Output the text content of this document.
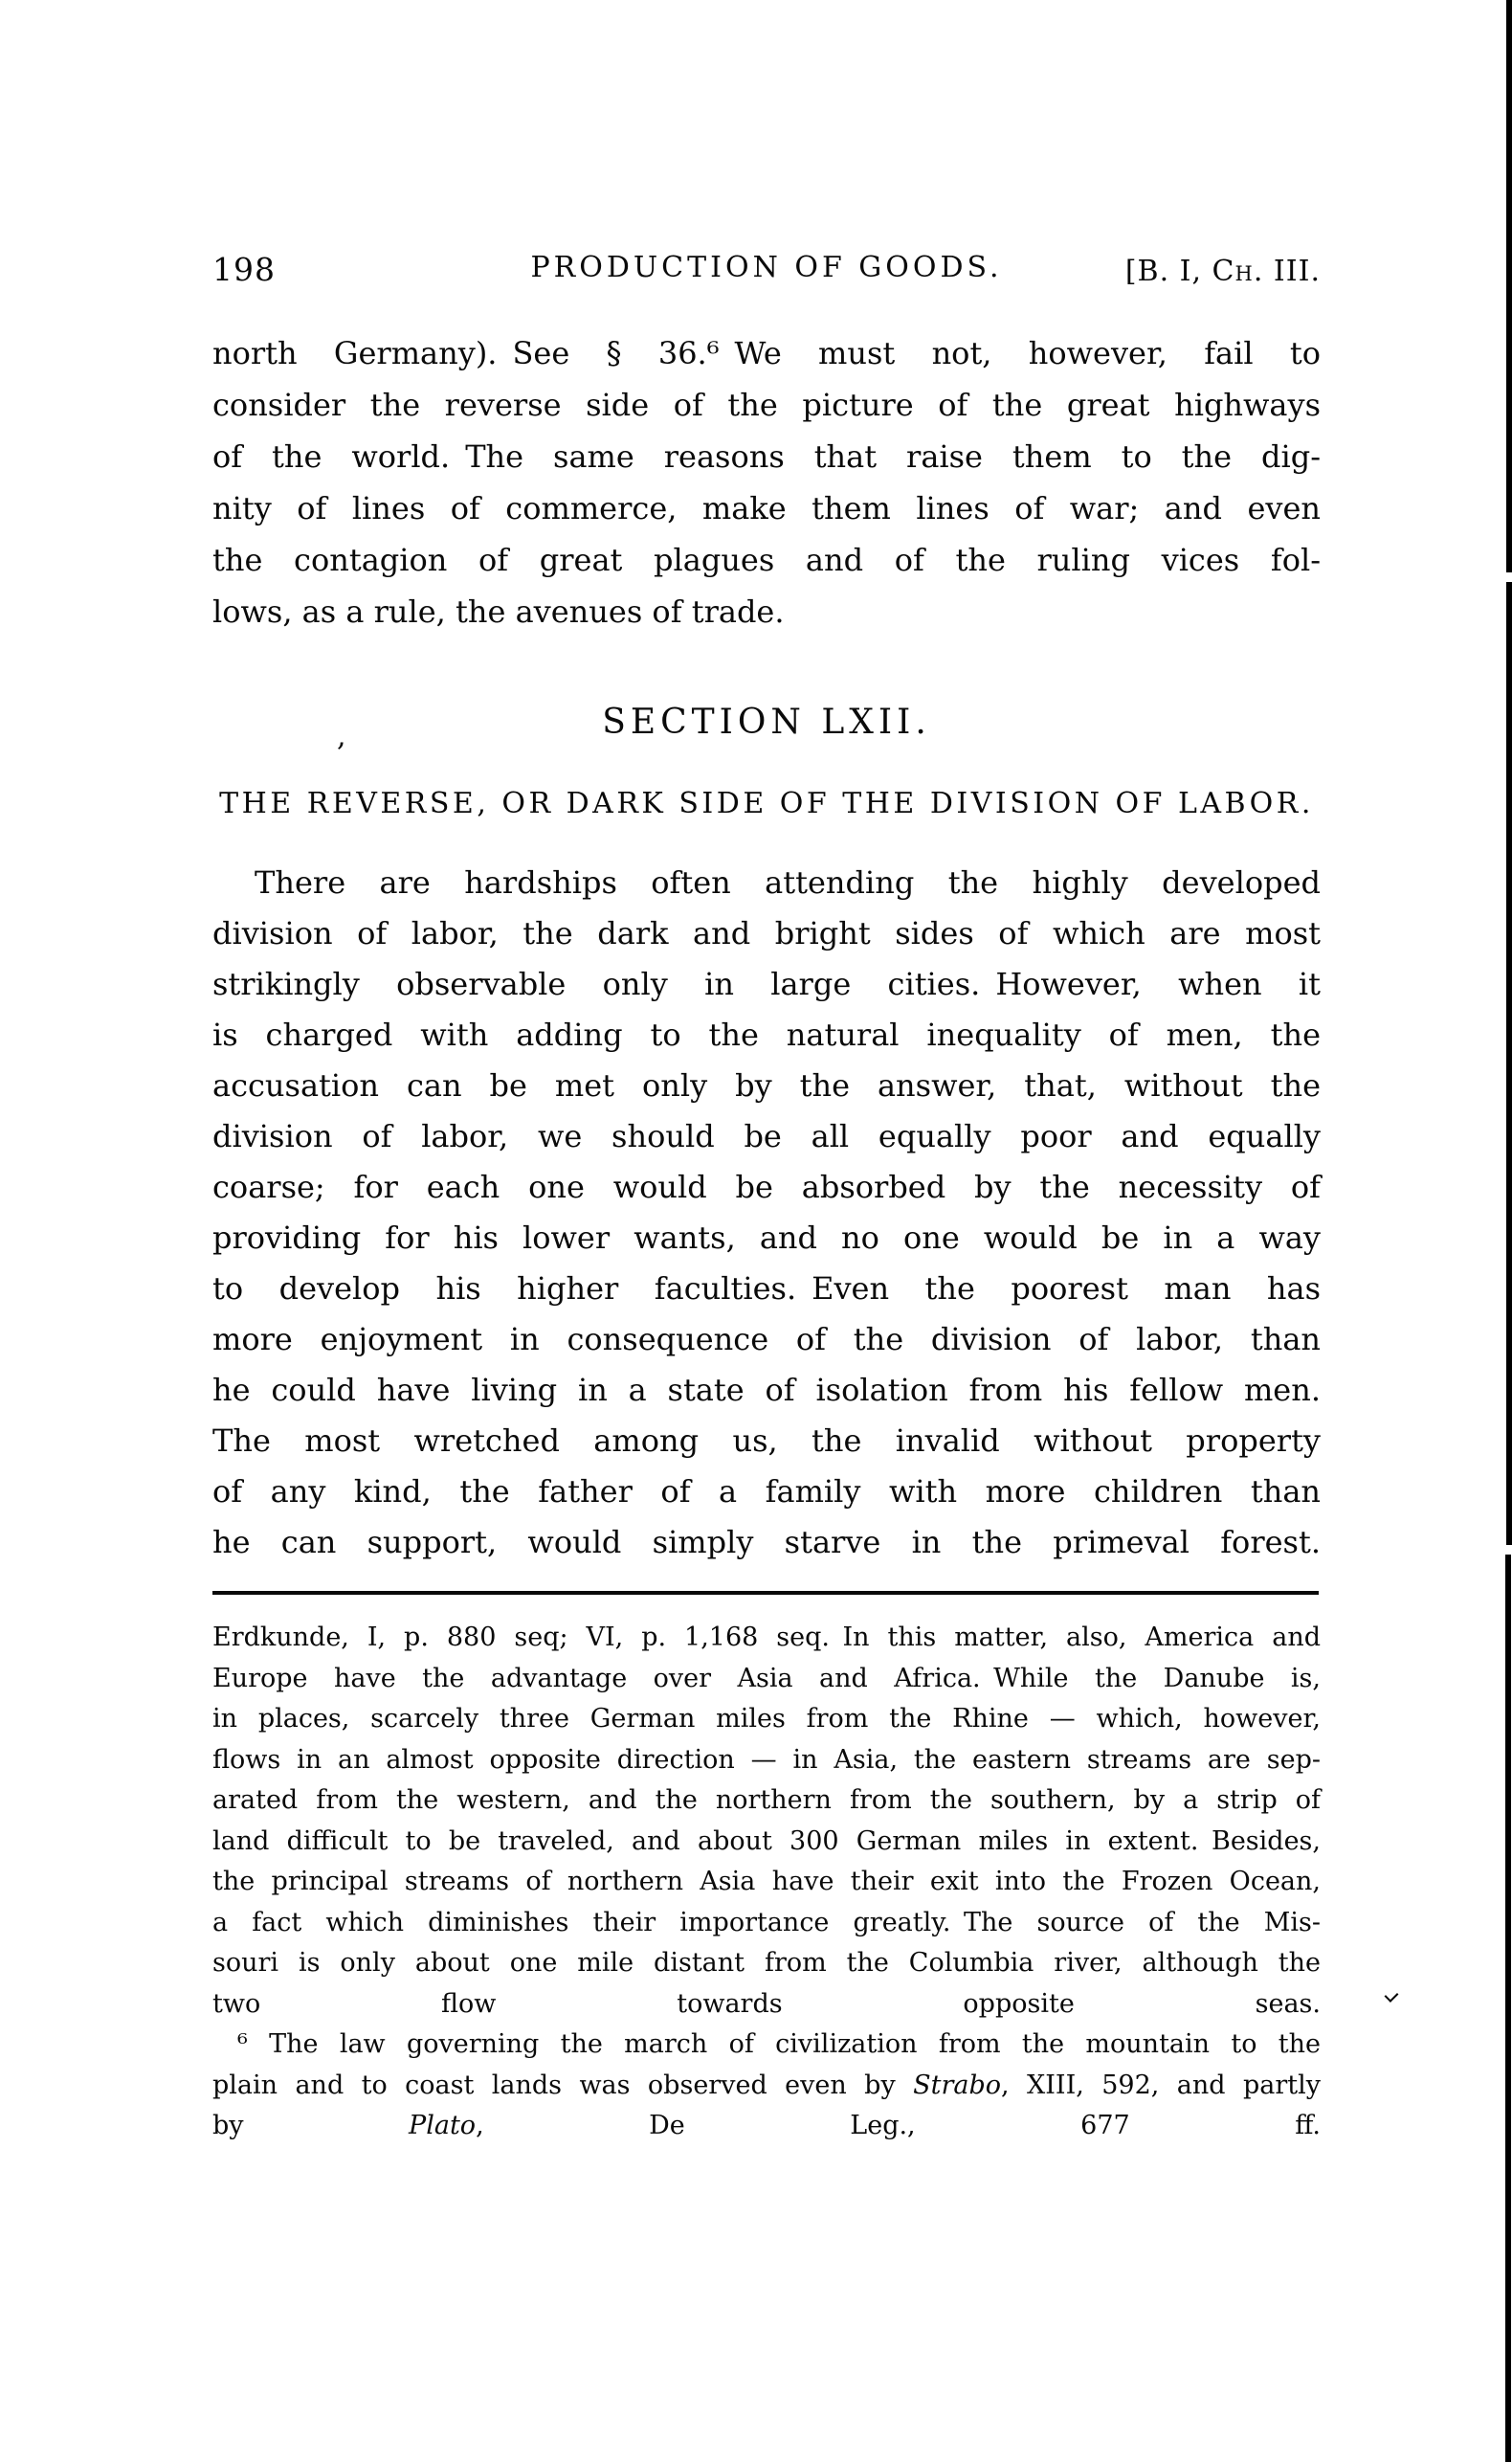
198	PRODUCTION OF GOODS.	[B. I, Ch. III.
north Germany). See § 36.⁶ We must not, however, fail to
consider the reverse side of the picture of the great highways
of the world. The same reasons that raise them to the dig-
nity of lines of commerce, make them lines of war; and even
the contagion of great plagues and of the ruling vices fol-
lows, as a rule, the avenues of trade.
SECTION LXII.
,
THE REVERSE, OR DARK SIDE OF THE DIVISION OF LABOR.
There are hardships often attending the highly developed
division of labor, the dark and bright sides of which are most
strikingly observable only in large cities. However, when it
is charged with adding to the natural inequality of men, the
accusation can be met only by the answer, that, without the
division of labor, we should be all equally poor and equally
coarse; for each one would be absorbed by the necessity of
providing for his lower wants, and no one would be in a way
to develop his higher faculties. Even the poorest man has
more enjoyment in consequence of the division of labor, than
he could have living in a state of isolation from his fellow men.
The most wretched among us, the invalid without property
of any kind, the father of a family with more children than
he can support, would simply starve in the primeval forest.
Erdkunde, I, p. 880 seq; VI, p. 1,168 seq. In this matter, also, America and
Europe have the advantage over Asia and Africa. While the Danube is,
in places, scarcely three German miles from the Rhine — which, however,
flows in an almost opposite direction — in Asia, the eastern streams are sep-
arated from the western, and the northern from the southern, by a strip of
land difficult to be traveled, and about 300 German miles in extent. Besides,
the principal streams of northern Asia have their exit into the Frozen Ocean,
a fact which diminishes their importance greatly. The source of the Mis-
souri is only about one mile distant from the Columbia river, although the
two flow towards opposite seas.
⁶ The law governing the march of civilization from the mountain to the
plain and to coast lands was observed even by Strabo, XIII, 592, and partly
by Plato, De Leg., 677 ff.
